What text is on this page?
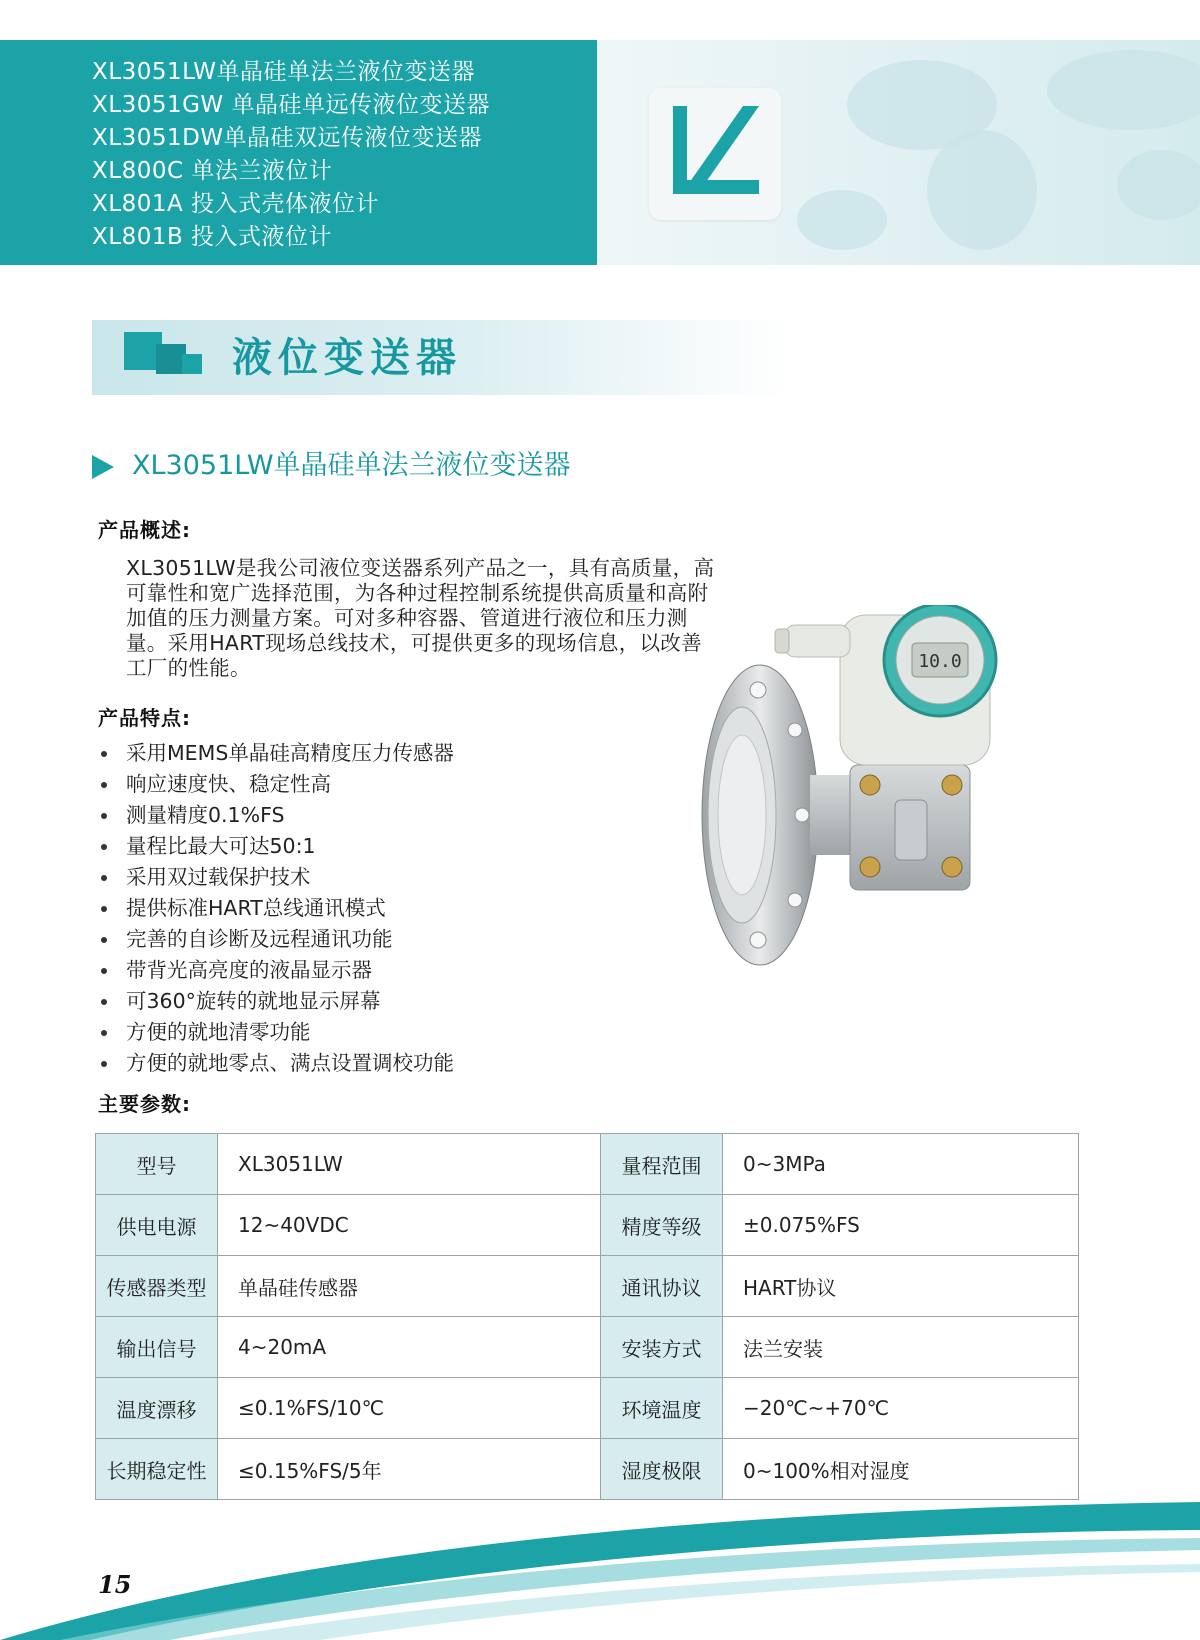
XL3051LW单晶硅单法兰液位变送器
XL3051GW 单晶硅单远传液位变送器
XL3051DW单晶硅双远传液位变送器
XL800C 单法兰液位计
XL801A 投入式壳体液位计
XL801B 投入式液位计
液位变送器
XL3051LW单晶硅单法兰液位变送器
产品概述:

XL3051LW是我公司液位变送器系列产品之一，具有高质量，高可靠性和宽广选择范围，为各种过程控制系统提供高质量和高附加值的压力测量方案。可对多种容器、管道进行液位和压力测量。采用HART现场总线技术，可提供更多的现场信息，以改善工厂的性能。

产品特点:
采用MEMS单晶硅高精度压力传感器
响应速度快、稳定性高
测量精度0.1%FS
量程比最大可达50:1
采用双过载保护技术
提供标准HART总线通讯模式
完善的自诊断及远程通讯功能
带背光高亮度的液晶显示器
可360°旋转的就地显示屏幕
方便的就地清零功能
方便的就地零点、满点设置调校功能
10.0
主要参数:
型号	XL3051LW	量程范围	0~3MPa
供电电源	12~40VDC	精度等级	±0.075%FS
传感器类型	单晶硅传感器	通讯协议	HART协议
输出信号	4~20mA	安装方式	法兰安装
温度漂移	≤0.1%FS/10℃	环境温度	−20℃~+70℃
长期稳定性	≤0.15%FS/5年	湿度极限	0~100%相对湿度
15
